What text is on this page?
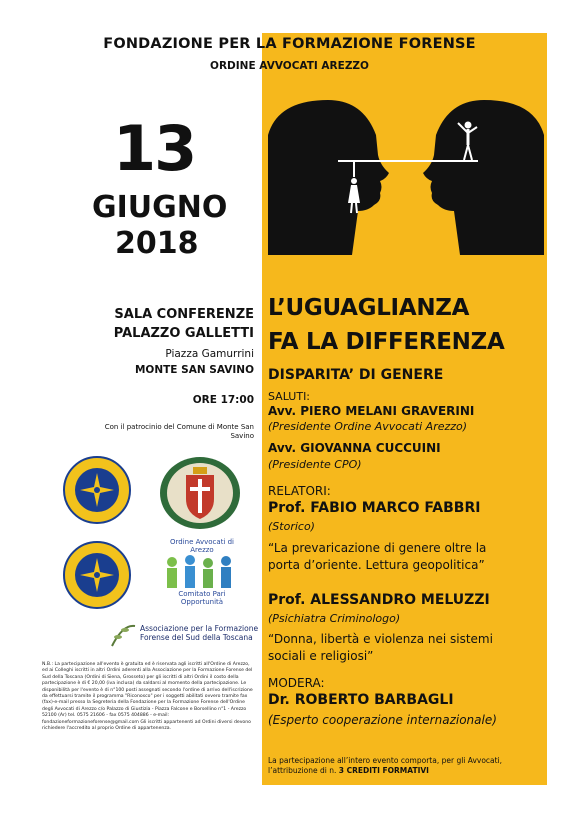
FONDAZIONE PER LA FORMAZIONE FORENSE
ORDINE AVVOCATI AREZZO
13
GIUGNO
2018
SALA CONFERENZE
PALAZZO GALLETTI
Piazza Gamurrini
MONTE SAN SAVINO
ORE 17:00
Con il patrocinio del Comune di Monte San Savino
Ordine Avvocati di Arezzo
Comitato Pari Opportunità
Associazione per la Formazione
Forense del Sud della Toscana
N.B.: La partecipazione all'evento è gratuita ed è riservata agli iscritti all'Ordine di Arezzo, ed ai Colleghi iscritti in altri Ordini aderenti alla Associazione per la Formazione Forense del Sud della Toscana (Ordini di Siena, Grosseto) per gli iscritti di altri Ordini il costo della partecipazione è di € 20,00 (iva inclusa) da saldarsi al momento della partecipazione. Le disponibilità per l'evento è di n°100 posti assegnati secondo l'ordine di arrivo dell'iscrizione da effettuarsi tramite il programma "Riconosco" per i soggetti abilitati ovvero tramite fax (fax)-e-mail presso la Segreteria della Fondazione per la Formazione Forense dell'Ordine degli Avvocati di Arezzo c/o Palazzo di Giustizia - Piazza Falcone e Borsellino n°1 - Arezzo 52100 (Ar) tel. 0575 21606 - fax 0575 404886 - e-mail: fondazioneformazioneforense@gmail.com Gli iscritti appartenenti ad Ordini diversi devono richiedere l'accredito al proprio Ordine di appartenenza.
L’UGUAGLIANZA
FA LA DIFFERENZA
DISPARITA’ DI GENERE
SALUTI:
Avv. PIERO MELANI GRAVERINI
(Presidente Ordine Avvocati Arezzo)
Avv. GIOVANNA CUCCUINI
(Presidente CPO)
RELATORI:
Prof. FABIO MARCO FABBRI
(Storico)
“La prevaricazione di genere oltre la
porta d’oriente. Lettura geopolitica”
Prof. ALESSANDRO MELUZZI
(Psichiatra Criminologo)
“Donna, libertà e violenza nei sistemi
sociali e religiosi”
MODERA:
Dr. ROBERTO BARBAGLI
(Esperto cooperazione internazionale)
La partecipazione all’intero evento comporta, per gli Avvocati,
l’attribuzione di n. 3 CREDITI FORMATIVI
